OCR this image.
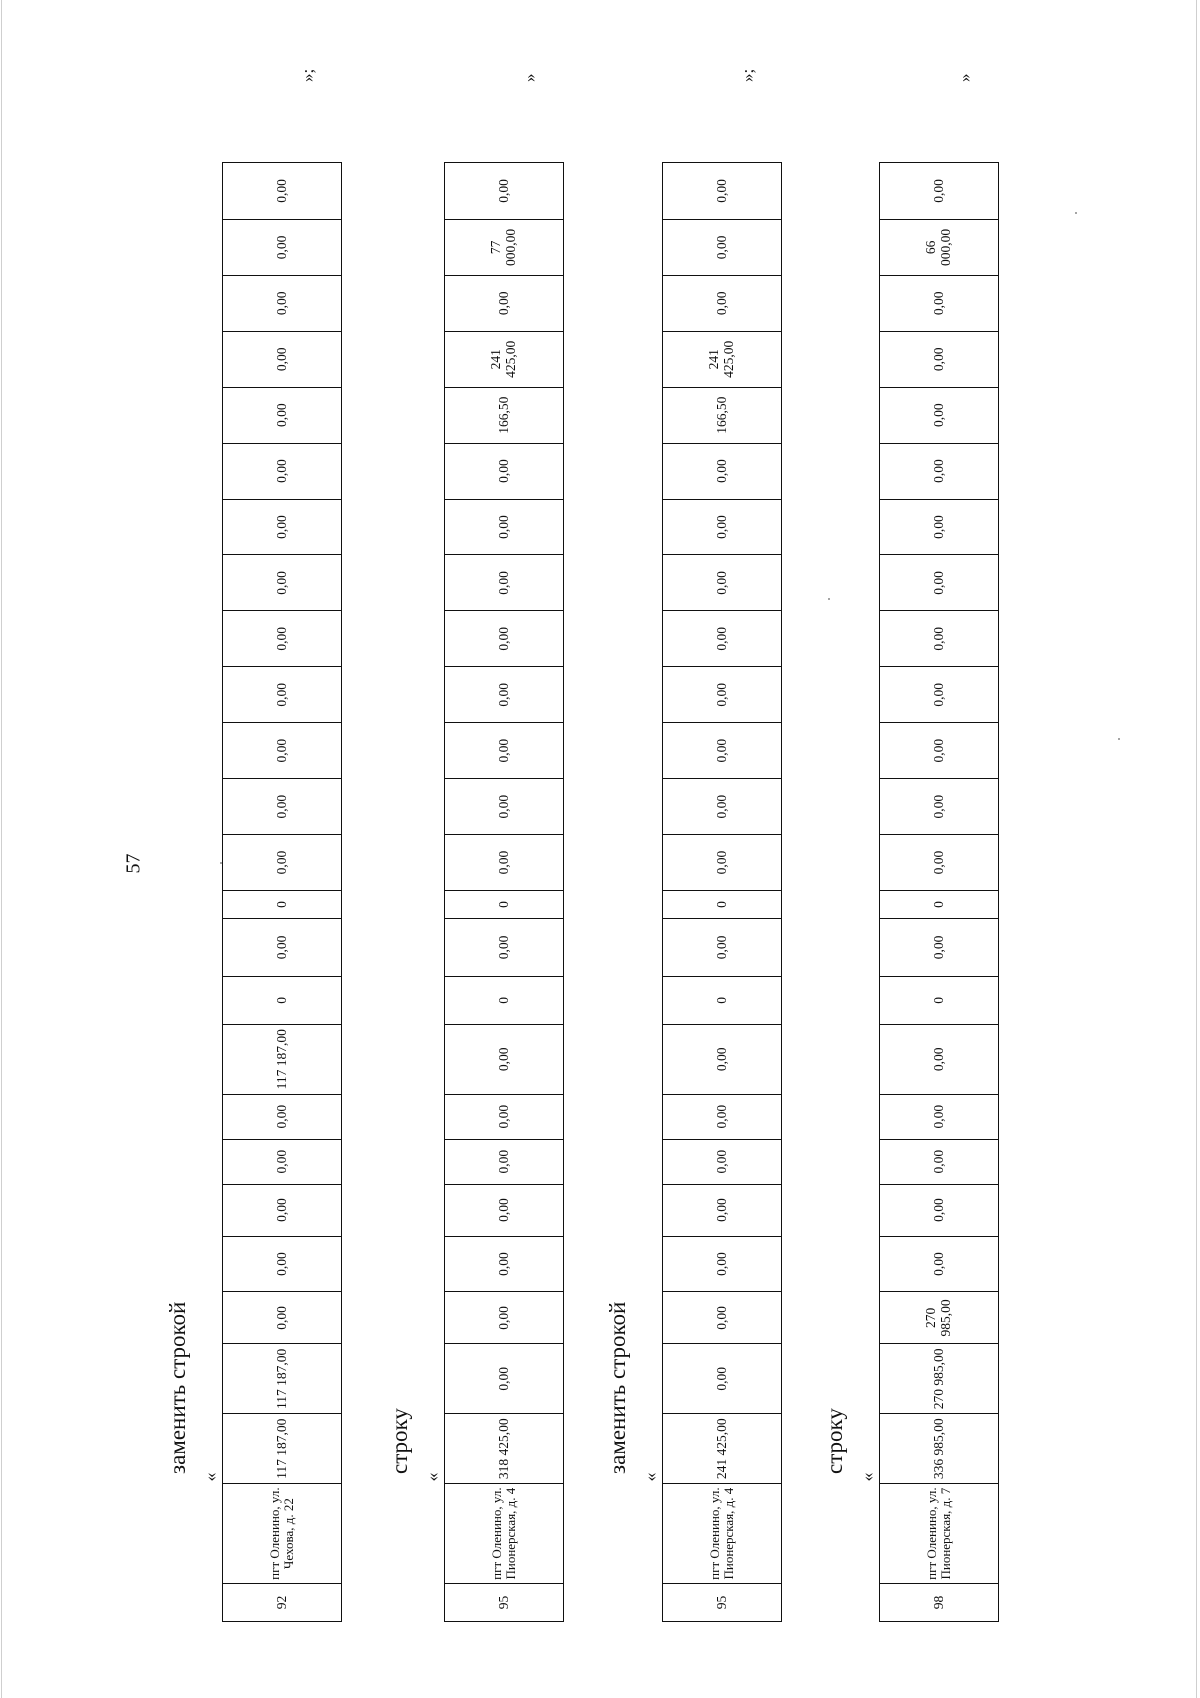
57
заменить строкой
«
92
пгт Оленино, ул. Чехова, д. 22
117 187,00
117 187,00
0,00
0,00
0,00
0,00
0,00
117 187,00
0
0,00
0
0,00
0,00
0,00
0,00
0,00
0,00
0,00
0,00
0,00
0,00
0,00
0,00
0,00
»;
строку
«
95
пгт Оленино, ул. Пионерская, д. 4
318 425,00
0,00
0,00
0,00
0,00
0,00
0,00
0,00
0
0,00
0
0,00
0,00
0,00
0,00
0,00
0,00
0,00
0,00
166,50
241 425,00
0,00
77 000,00
0,00
»
заменить строкой
«
95
пгт Оленино, ул. Пионерская, д. 4
241 425,00
0,00
0,00
0,00
0,00
0,00
0,00
0,00
0
0,00
0
0,00
0,00
0,00
0,00
0,00
0,00
0,00
0,00
166,50
241 425,00
0,00
0,00
0,00
»;
строку
«
98
пгт Оленино, ул. Пионерская, д. 7
336 985,00
270 985,00
270 985,00
0,00
0,00
0,00
0,00
0,00
0
0,00
0
0,00
0,00
0,00
0,00
0,00
0,00
0,00
0,00
0,00
0,00
0,00
66 000,00
0,00
»
